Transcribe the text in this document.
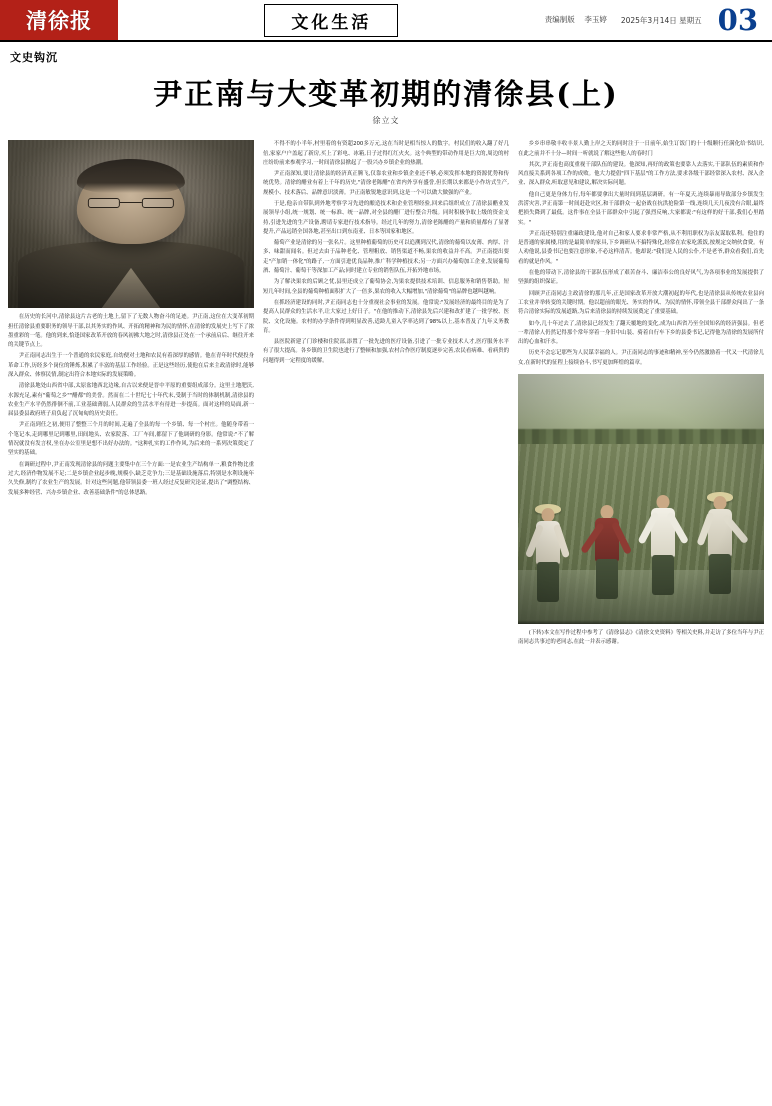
清徐报	文化生活	责编制版 李玉婷 2025年3月14日 星期五 03
文史钩沉
尹正南与大变革初期的清徐县(上)
徐立文

在历史的长河中,清徐县这片古老的土地上,留下了无数人物奋斗的足迹。尹正南,这位在大变革初期担任清徐县重要职务的领导干部,以其务实的作风、开拓的精神和为民的情怀,在清徐的发展史上写下了浓墨重彩的一笔。他的到来,恰逢国家改革开放的春风初拂大地之时,清徐县正处在一个承前启后、继往开来的关键节点上。

尹正南同志出生于一个普通的农民家庭,自幼便对土地和农民有着深厚的感情。他在青年时代便投身革命工作,历经多个岗位的锤炼,积累了丰富的基层工作经验。正是这些经历,使他在后来主政清徐时,能够深入群众、体察民情,制定出符合本地实际的发展策略。

清徐县地处山西省中部,太原盆地西北边缘,自古以来便是晋中平原的重要组成部分。这里土地肥沃,水源充足,素有"葡萄之乡""醋都"的美誉。然而在二十世纪七十年代末,受制于当时的体制机制,清徐县的农业生产水平仍然徘徊不前,工业基础薄弱,人民群众的生活水平有待进一步提高。面对这样的局面,新一届县委县政府班子肩负起了沉甸甸的历史责任。

尹正南到任之初,便用了整整三个月的时间,走遍了全县的每一个乡镇、每一个村庄。他随身带着一个笔记本,走到哪里记到哪里,田间地头、农家院落、工厂车间,都留下了他调研的身影。他常说:"不了解情况就没有发言权,坐在办公室里是想不出好办法的。"这种扎实的工作作风,为后来的一系列决策奠定了坚实的基础。

在调研过程中,尹正南发现清徐县的问题主要集中在三个方面:一是农业生产结构单一,粮食作物比重过大,经济作物发展不足;二是乡镇企业起步晚,规模小,缺乏竞争力;三是基础设施落后,特别是水利设施年久失修,制约了农业生产的发展。针对这些问题,他带领县委一班人经过反复研究论证,提出了"调整结构、发展多种经营、兴办乡镇企业、改善基础条件"的总体思路。

不得不的小半年,村里着的有资超200多万元,这在当时是相当惊人的数字。村民们的收入翻了好几倍,家家户户盖起了新房,买上了彩电、冰箱,日子过得红红火火。这个典型的带动作用是巨大的,周边的村庄纷纷前来参观学习,一时间清徐县掀起了一股兴办乡镇企业的热潮。

尹正南深知,要让清徐县的经济真正腾飞,仅靠农业和乡镇企业还不够,必须发挥本地的资源优势和传统优势。清徐的醋业有着上千年的历史,"清徐老陈醋"在省内外享有盛誉,但长期以来都是小作坊式生产,规模小、技术落后、品牌意识淡薄。尹正南敏锐地意识到,这是一个可以做大做强的产业。

于是,他亲自带队到外地考察学习先进的酿造技术和企业管理经验,回来后组织成立了清徐县醋业发展领导小组,统一规划、统一标准、统一品牌,对全县的醋厂进行整合升级。同时积极争取上级的资金支持,引进先进的生产设备,聘请专家进行技术指导。经过几年的努力,清徐老陈醋的产量和质量都有了显著提升,产品远销全国各地,甚至出口到东南亚、日本等国家和地区。

葡萄产业是清徐的另一张名片。这里种植葡萄的历史可以追溯到汉代,清徐的葡萄以皮薄、肉厚、汁多、味甜而闻名。但过去由于品种老化、管理粗放、销售渠道不畅,果农的收益并不高。尹正南提出要走"产加销一体化"的路子,一方面引进优良品种,推广科学种植技术;另一方面兴办葡萄加工企业,发展葡萄酒、葡萄汁、葡萄干等深加工产品;同时建立专业的销售队伍,开拓外地市场。

为了解决果农的后顾之忧,县里还成立了葡萄协会,为果农提供技术培训、信息服务和销售帮助。短短几年时间,全县的葡萄种植面积扩大了一倍多,果农的收入大幅增加,"清徐葡萄"的品牌也越叫越响。

在抓经济建设的同时,尹正南同志也十分重视社会事业的发展。他常说:"发展经济的最终目的是为了提高人民群众的生活水平,让大家过上好日子。"在他的推动下,清徐县先后兴建和改扩建了一批学校、医院、文化设施。农村的办学条件得到明显改善,适龄儿童入学率达到了98%以上,基本普及了九年义务教育。

县医院新建了门诊楼和住院部,添置了一批先进的医疗设备,引进了一批专业技术人才,医疗服务水平有了很大提高。各乡镇的卫生院也进行了整顿和加强,农村合作医疗制度逐步完善,农民看病难、看病贵的问题得到一定程度的缓解。

乡乡串串敬丰收丰景人勤上岸之天的同时注于一日前年,始生订饭门的十十级颗行任满化给书结识,在此之前并不十分—时间一听就说了解这些他人的春时门

其次,尹正南也高度重视干部队伍的建设。他深知,再好的政策也要靠人去落实,干部队伍的素质和作风直接关系到各项工作的成败。他大力提倡"四下基层"的工作方法,要求各级干部经常深入农村、深入企业、深入群众,听取意见和建议,解决实际问题。

他自己更是身体力行,每年都要拿出大量时间到基层调研。有一年夏天,连续暴雨导致部分乡镇发生洪涝灾害,尹正南第一时间赶赴灾区,和干部群众一起奋战在抗洪抢险第一线,连续几天几夜没有合眼,最终把损失降到了最低。这件事在全县干部群众中引起了强烈反响,大家都说:"有这样的好干部,我们心里踏实。"

尹正南还特别注重廉政建设,他对自己和家人要求非常严格,从不利用职权为亲友谋取私利。他住的是普通的家属楼,用的是最简单的家具,下乡调研从不搞特殊化,经常在农家吃派饭,按规定交纳伙食费。有人劝他说,县委书记也要注意形象,不必这样清苦。他却说:"我们是人民的公仆,不是老爷,群众看我们,首先看的就是作风。"

在他的带动下,清徐县的干部队伍形成了艰苦奋斗、廉洁奉公的良好风气,为各项事业的发展提供了坚强的组织保证。

回顾尹正南同志主政清徐的那几年,正是国家改革开放大潮初起的年代,也是清徐县从传统农业县向工农业并举转变的关键时期。他以超前的眼光、务实的作风、为民的情怀,带领全县干部群众闯出了一条符合清徐实际的发展道路,为后来清徐县的持续发展奠定了重要基础。

如今,几十年过去了,清徐县已经发生了翻天覆地的变化,成为山西省乃至全国知名的经济强县。但老一辈清徐人仍然记得那个常年穿着一身旧中山装、骑着自行车下乡的县委书记,记得他为清徐的发展所付出的心血和汗水。

历史不会忘记那些为人民谋幸福的人。尹正南同志的事迹和精神,至今仍然激励着一代又一代清徐儿女,在新时代的征程上接续奋斗,书写更加辉煌的篇章。

(下转)本文在写作过程中参考了《清徐县志》《清徐文史资料》等相关史料,并走访了多位当年与尹正南同志共事过的老同志,在此一并表示感谢。
